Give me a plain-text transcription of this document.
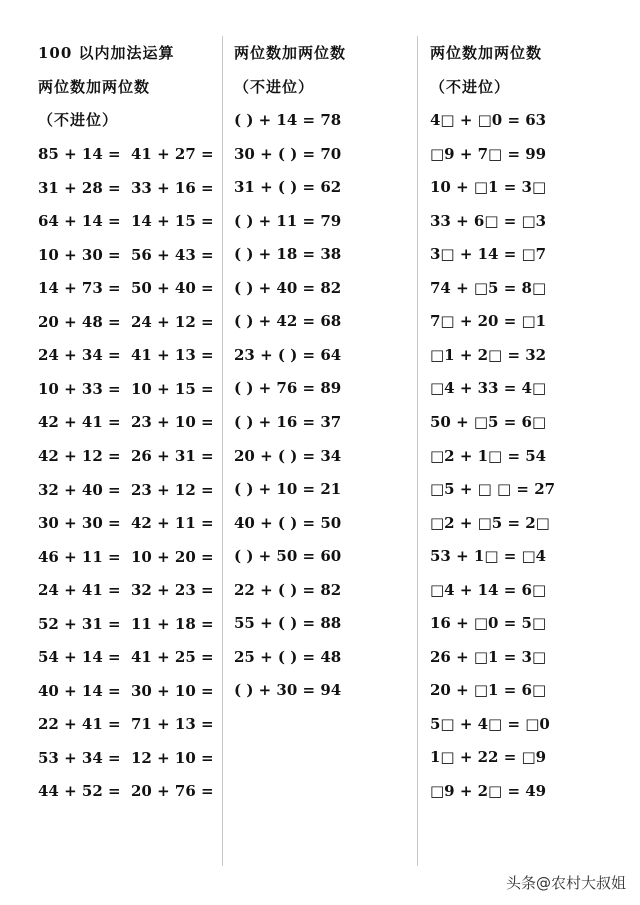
100 以内加法运算
两位数加两位数
（不进位）
85 + 14 = 41 + 27 =
31 + 28 = 33 + 16 =
64 + 14 = 14 + 15 =
10 + 30 = 56 + 43 =
14 + 73 = 50 + 40 =
20 + 48 = 24 + 12 =
24 + 34 = 41 + 13 =
10 + 33 = 10 + 15 =
42 + 41 = 23 + 10 =
42 + 12 = 26 + 31 =
32 + 40 = 23 + 12 =
30 + 30 = 42 + 11 =
46 + 11 = 10 + 20 =
24 + 41 = 32 + 23 =
52 + 31 = 11 + 18 =
54 + 14 = 41 + 25 =
40 + 14 = 30 + 10 =
22 + 41 = 71 + 13 =
53 + 34 = 12 + 10 =
44 + 52 = 20 + 76 =
两位数加两位数
（不进位）
( ) + 14 = 78
30 + ( ) = 70
31 + ( ) = 62
( ) + 11 = 79
( ) + 18 = 38
( ) + 40 = 82
( ) + 42 = 68
23 + ( ) = 64
( ) + 76 = 89
( ) + 16 = 37
20 + ( ) = 34
( ) + 10 = 21
40 + ( ) = 50
( ) + 50 = 60
22 + ( ) = 82
55 + ( ) = 88
25 + ( ) = 48
( ) + 30 = 94
两位数加两位数
（不进位）
4□ + □0 = 63
□9 + 7□ = 99
10 + □1 = 3□
33 + 6□ = □3
3□ + 14 = □7
74 + □5 = 8□
7□ + 20 = □1
□1 + 2□ = 32
□4 + 33 = 4□
50 + □5 = 6□
□2 + 1□ = 54
□5 + □ □ = 27
□2 + □5 = 2□
53 + 1□ = □4
□4 + 14 = 6□
16 + □0 = 5□
26 + □1 = 3□
20 + □1 = 6□
5□ + 4□ = □0
1□ + 22 = □9
□9 + 2□ = 49
头条@农村大叔姐
